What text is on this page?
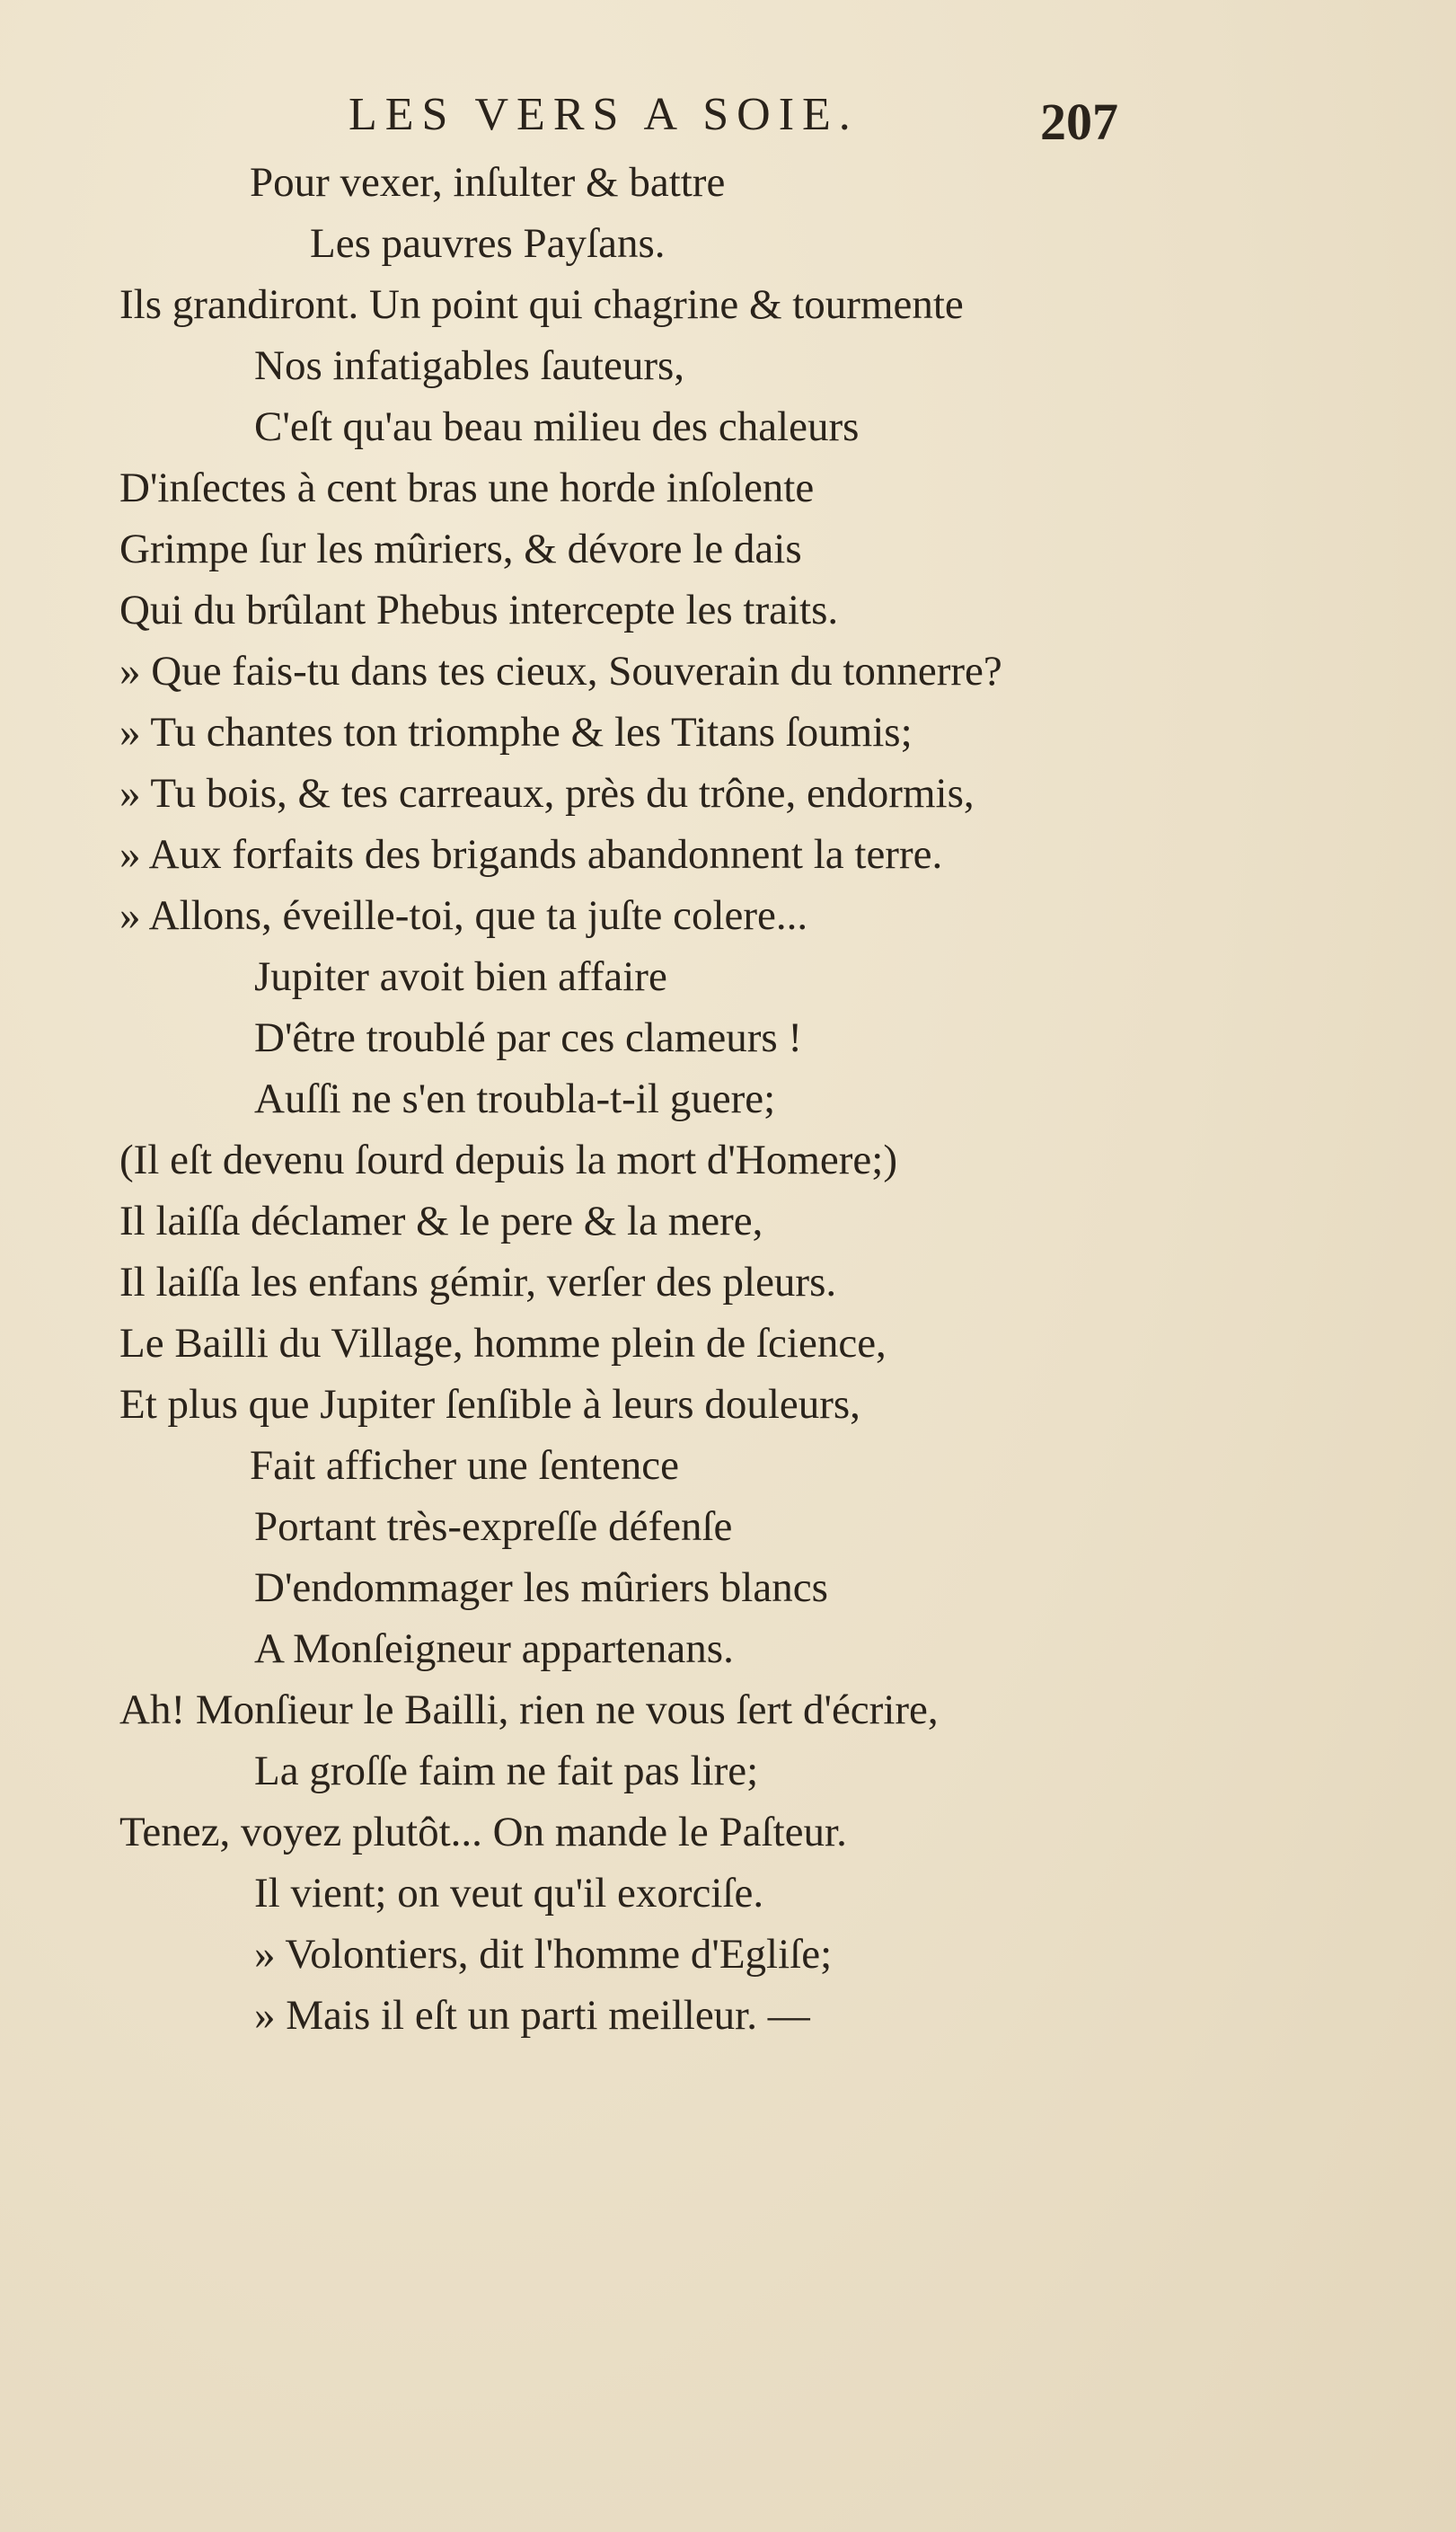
LES VERS A SOIE.	207
Pour vexer, inſulter & battre
Les pauvres Payſans.
Ils grandiront. Un point qui chagrine & tourmente
Nos infatigables ſauteurs,
C'eſt qu'au beau milieu des chaleurs
D'inſectes à cent bras une horde inſolente
Grimpe ſur les mûriers, & dévore le dais
Qui du brûlant Phebus intercepte les traits.
» Que fais-tu dans tes cieux, Souverain du tonnerre?
» Tu chantes ton triomphe & les Titans ſoumis;
» Tu bois, & tes carreaux, près du trône, endormis,
» Aux forfaits des brigands abandonnent la terre.
» Allons, éveille-toi, que ta juſte colere...
Jupiter avoit bien affaire
D'être troublé par ces clameurs !
Auſſi ne s'en troubla-t-il guere;
(Il eſt devenu ſourd depuis la mort d'Homere;)
Il laiſſa déclamer & le pere & la mere,
Il laiſſa les enfans gémir, verſer des pleurs.
Le Bailli du Village, homme plein de ſcience,
Et plus que Jupiter ſenſible à leurs douleurs,
Fait afficher une ſentence
Portant très-expreſſe défenſe
D'endommager les mûriers blancs
A Monſeigneur appartenans.
Ah! Monſieur le Bailli, rien ne vous ſert d'écrire,
La groſſe faim ne fait pas lire;
Tenez, voyez plutôt... On mande le Paſteur.
Il vient; on veut qu'il exorciſe.
» Volontiers, dit l'homme d'Egliſe;
» Mais il eſt un parti meilleur. —
